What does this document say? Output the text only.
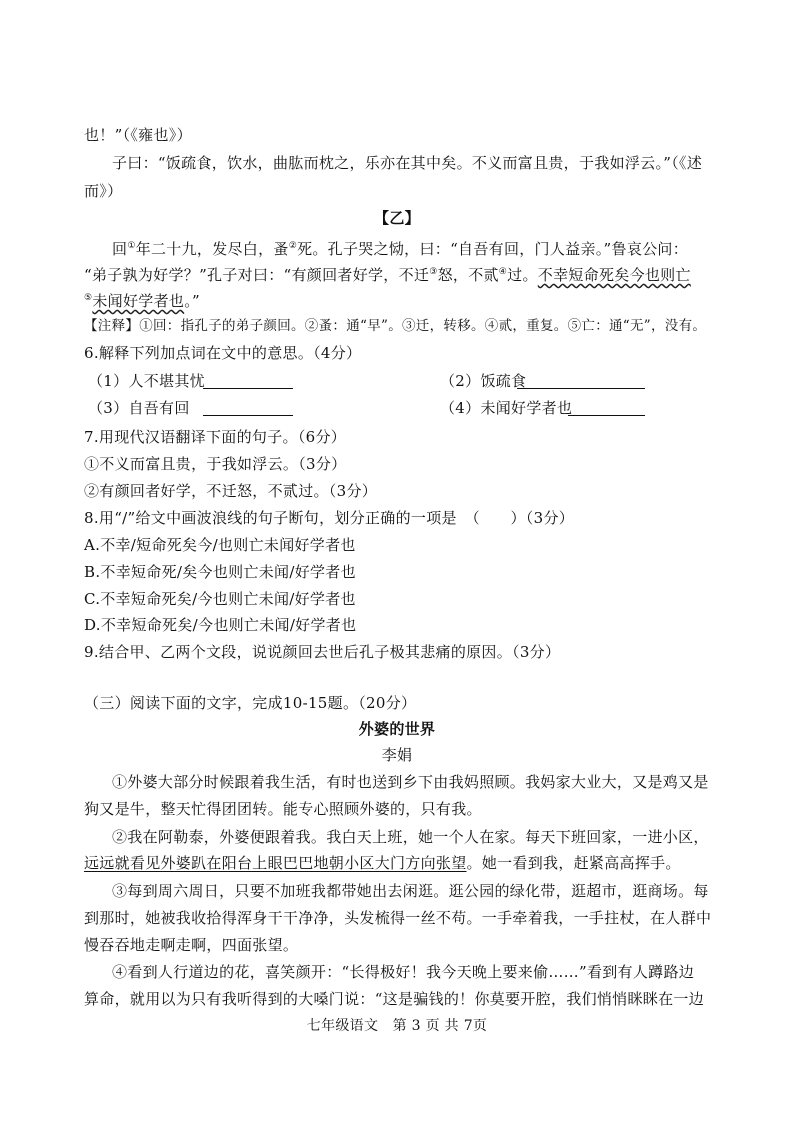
也！”（《雍也》）
子曰：“饭疏食，饮水，曲肱而枕之，乐亦在其中矣。不义而富且贵，于我如浮云。”（《述
而》）
【乙】
回①年二十九，发尽白，蚤②死。孔子哭之恸，曰：“自吾有回，门人益亲。”鲁哀公问：
“弟子孰为好学？”孔子对曰：“有颜回者好学，不迁③怒，不贰④过。不幸短命死矣今也则亡
⑤未闻好学者也。”
【注释】①回：指孔子的弟子颜回。②蚤：通“早”。③迁，转移。④贰，重复。⑤亡：通“无”，没有。
6.解释下列加点词在文中的意思。（4分）
（1）人不堪其忧	（2）饭疏食
（3）自吾有回	（4）未闻好学者也
7.用现代汉语翻译下面的句子。（6分）
①不义而富且贵，于我如浮云。（3分）
②有颜回者好学，不迁怒，不贰过。（3分）
8.用“/”给文中画波浪线的句子断句，划分正确的一项是　（　　）（3分）
A.不幸/短命死矣今/也则亡未闻好学者也
B.不幸短命死/矣今也则亡未闻/好学者也
C.不幸短命死矣/今也则亡未闻/好学者也
D.不幸短命死矣/今也则亡未闻/好学者也
9.结合甲、乙两个文段，说说颜回去世后孔子极其悲痛的原因。（3分）
（三）阅读下面的文字，完成10-15题。（20分）
外婆的世界
李娟
①外婆大部分时候跟着我生活，有时也送到乡下由我妈照顾。我妈家大业大，又是鸡又是
狗又是牛，整天忙得团团转。能专心照顾外婆的，只有我。
②我在阿勒泰，外婆便跟着我。我白天上班，她一个人在家。每天下班回家，一进小区，
远远就看见外婆趴在阳台上眼巴巴地朝小区大门方向张望。她一看到我，赶紧高高挥手。
③每到周六周日，只要不加班我都带她出去闲逛。逛公园的绿化带，逛超市，逛商场。每
到那时，她被我收拾得浑身干干净净，头发梳得一丝不苟。一手牵着我，一手拄杖，在人群中
慢吞吞地走啊走啊，四面张望。
④看到人行道边的花，喜笑颜开：“长得极好！我今天晚上要来偷……”看到有人蹲路边
算命，就用以为只有我听得到的大嗓门说：“这是骗钱的！你莫要开腔，我们悄悄眯眯在一边
七年级语文　第 3 页 共 7页
